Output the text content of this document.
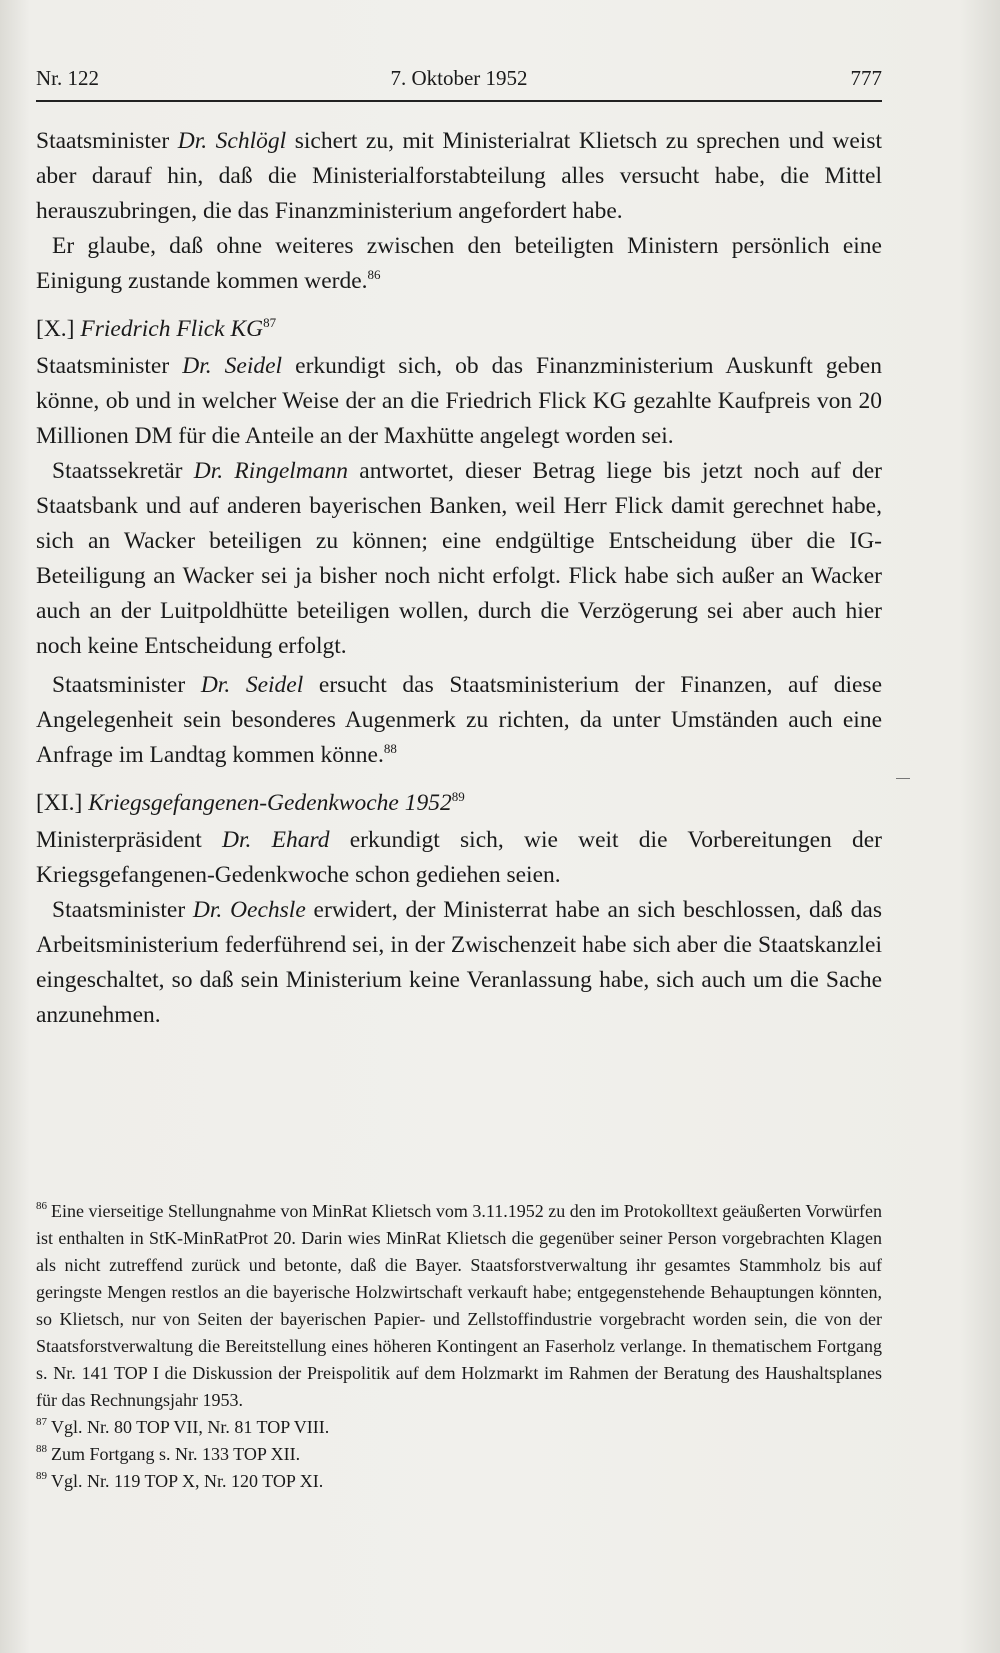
Nr. 122	7. Oktober 1952	777

Staatsminister Dr. Schlögl sichert zu, mit Ministerialrat Klietsch zu sprechen und weist aber darauf hin, daß die Ministerialforstabteilung alles versucht habe, die Mittel herauszubringen, die das Finanzministerium angefordert habe.

Er glaube, daß ohne weiteres zwischen den beteiligten Ministern persönlich eine Einigung zustande kommen werde.$^{86}$

[X.] Friedrich Flick KG$^{87}$

Staatsminister Dr. Seidel erkundigt sich, ob das Finanzministerium Auskunft geben könne, ob und in welcher Weise der an die Friedrich Flick KG gezahlte Kaufpreis von 20 Millionen DM für die Anteile an der Maxhütte angelegt worden sei.

Staatssekretär Dr. Ringelmann antwortet, dieser Betrag liege bis jetzt noch auf der Staatsbank und auf anderen bayerischen Banken, weil Herr Flick damit gerechnet habe, sich an Wacker beteiligen zu können; eine endgültige Entscheidung über die IG-Beteiligung an Wacker sei ja bisher noch nicht erfolgt. Flick habe sich außer an Wacker auch an der Luitpoldhütte beteiligen wollen, durch die Verzögerung sei aber auch hier noch keine Entscheidung erfolgt.

Staatsminister Dr. Seidel ersucht das Staatsministerium der Finanzen, auf diese Angelegenheit sein besonderes Augenmerk zu richten, da unter Umständen auch eine Anfrage im Landtag kommen könne.$^{88}$

[XI.] Kriegsgefangenen-Gedenkwoche 1952$^{89}$

Ministerpräsident Dr. Ehard erkundigt sich, wie weit die Vorbereitungen der Kriegsgefangenen-Gedenkwoche schon gediehen seien.

Staatsminister Dr. Oechsle erwidert, der Ministerrat habe an sich beschlossen, daß das Arbeitsministerium federführend sei, in der Zwischenzeit habe sich aber die Staatskanzlei eingeschaltet, so daß sein Ministerium keine Veranlassung habe, sich auch um die Sache anzunehmen.

$^{86}$ Eine vierseitige Stellungnahme von MinRat Klietsch vom 3.11.1952 zu den im Protokolltext geäußerten Vorwürfen ist enthalten in StK-MinRatProt 20. Darin wies MinRat Klietsch die gegenüber seiner Person vorgebrachten Klagen als nicht zutreffend zurück und betonte, daß die Bayer. Staatsforstverwaltung ihr gesamtes Stammholz bis auf geringste Mengen restlos an die bayerische Holzwirtschaft verkauft habe; entgegenstehende Behauptungen könnten, so Klietsch, nur von Seiten der bayerischen Papier- und Zellstoffindustrie vorgebracht worden sein, die von der Staatsforstverwaltung die Bereitstellung eines höheren Kontingent an Faserholz verlange. In thematischem Fortgang s. Nr. 141 TOP I die Diskussion der Preispolitik auf dem Holzmarkt im Rahmen der Beratung des Haushaltsplanes für das Rechnungsjahr 1953.

$^{87}$ Vgl. Nr. 80 TOP VII, Nr. 81 TOP VIII.

$^{88}$ Zum Fortgang s. Nr. 133 TOP XII.

$^{89}$ Vgl. Nr. 119 TOP X, Nr. 120 TOP XI.
